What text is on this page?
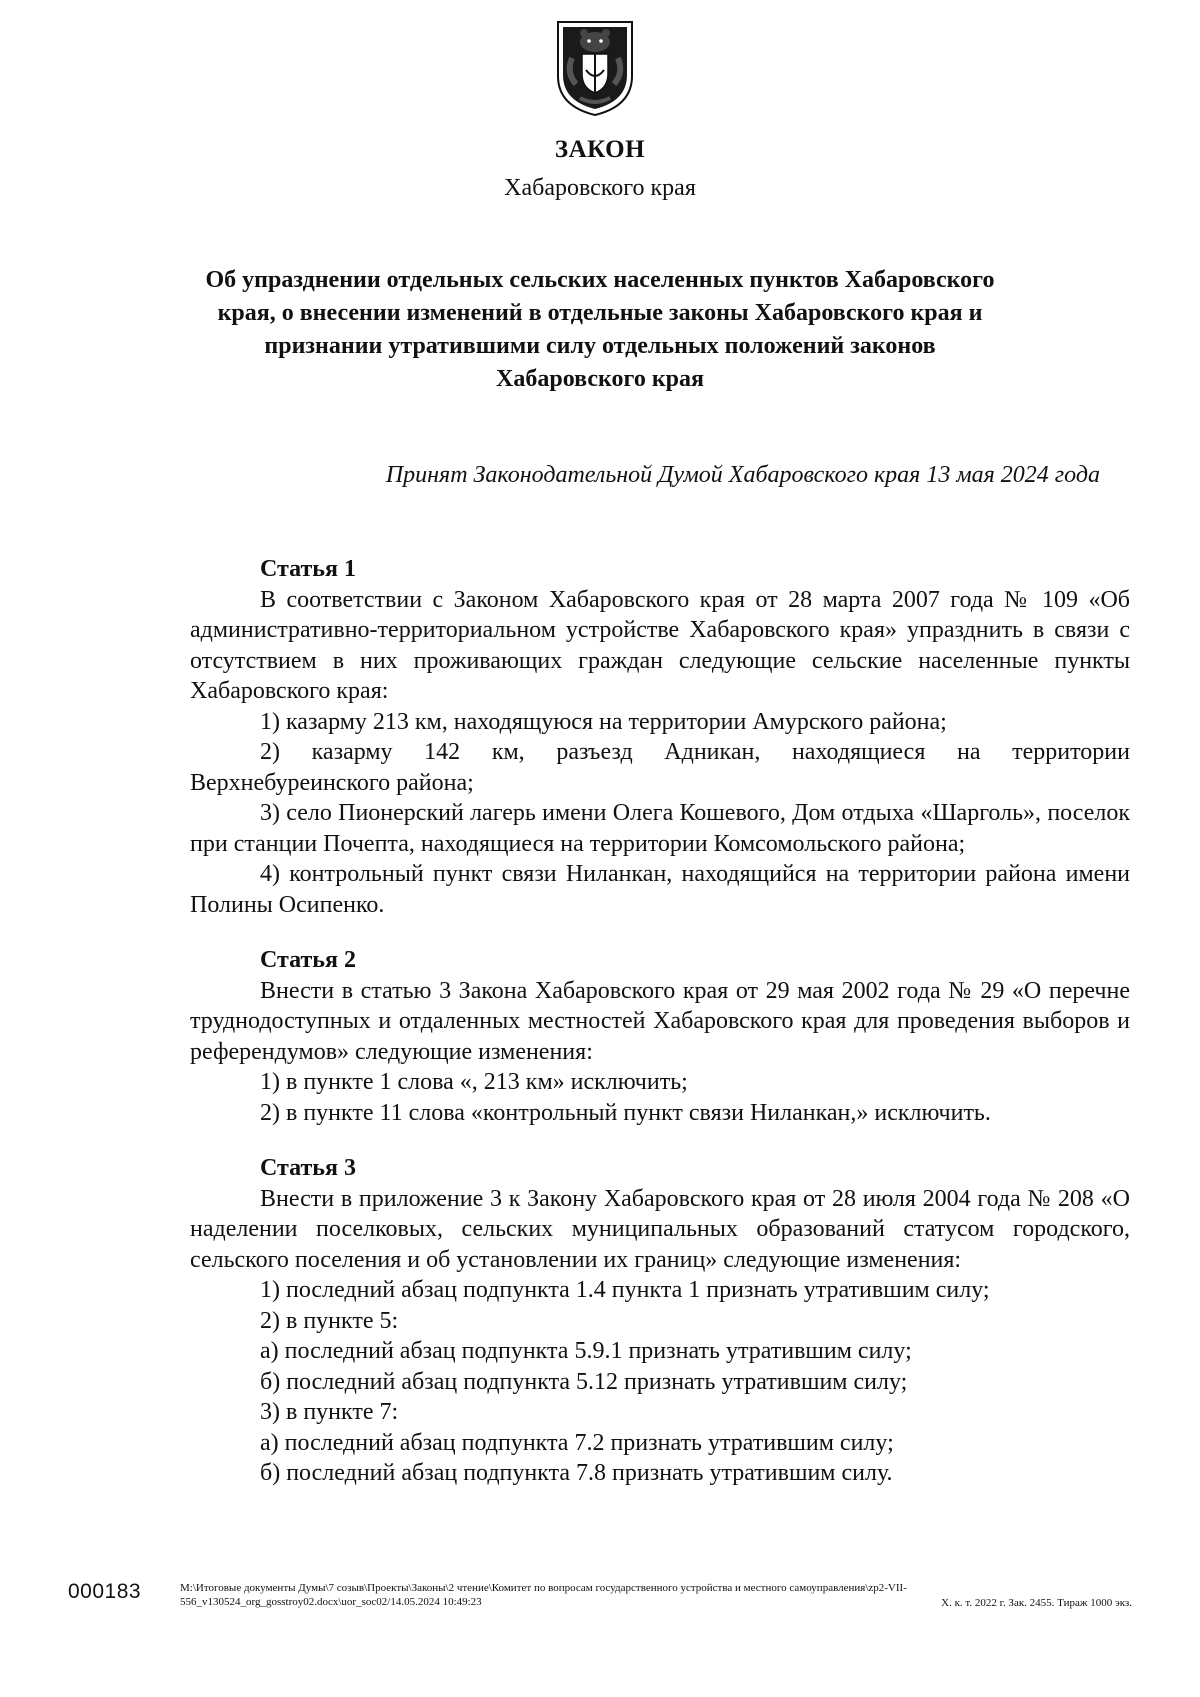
ЗАКОН
Хабаровского края
Об упразднении отдельных сельских населенных пунктов Хабаровского края, о внесении изменений в отдельные законы Хабаровского края и признании утратившими силу отдельных положений законов Хабаровского края
Принят Законодательной Думой Хабаровского края 13 мая 2024 года
Статья 1

В соответствии с Законом Хабаровского края от 28 марта 2007 года № 109 «Об административно-территориальном устройстве Хабаровского края» упразднить в связи с отсутствием в них проживающих граждан следующие сельские населенные пункты Хабаровского края:

1) казарму 213 км, находящуюся на территории Амурского района;

2) казарму 142 км, разъезд Адникан, находящиеся на территории Верхнебуреинского района;

3) село Пионерский лагерь имени Олега Кошевого, Дом отдыха «Шарголь», поселок при станции Почепта, находящиеся на территории Комсомольского района;

4) контрольный пункт связи Ниланкан, находящийся на территории района имени Полины Осипенко.

Статья 2

Внести в статью 3 Закона Хабаровского края от 29 мая 2002 года № 29 «О перечне труднодоступных и отдаленных местностей Хабаровского края для проведения выборов и референдумов» следующие изменения:

1) в пункте 1 слова «, 213 км» исключить;

2) в пункте 11 слова «контрольный пункт связи Ниланкан,» исключить.

Статья 3

Внести в приложение 3 к Закону Хабаровского края от 28 июля 2004 года № 208 «О наделении поселковых, сельских муниципальных образований статусом городского, сельского поселения и об установлении их границ» следующие изменения:

1) последний абзац подпункта 1.4 пункта 1 признать утратившим силу;

2) в пункте 5:

а) последний абзац подпункта 5.9.1 признать утратившим силу;

б) последний абзац подпункта 5.12 признать утратившим силу;

3) в пункте 7:

а) последний абзац подпункта 7.2 признать утратившим силу;

б) последний абзац подпункта 7.8 признать утратившим силу.

000183	M:\Итоговые документы Думы\7 созыв\Проекты\Законы\2 чтение\Комитет по вопросам государственного устройства и местного самоуправления\zp2-VII-556_v130524_org_gosstroy02.docx\uor_soc02/14.05.2024 10:49:23	Х. к. т. 2022 г. Зак. 2455. Тираж 1000 экз.
